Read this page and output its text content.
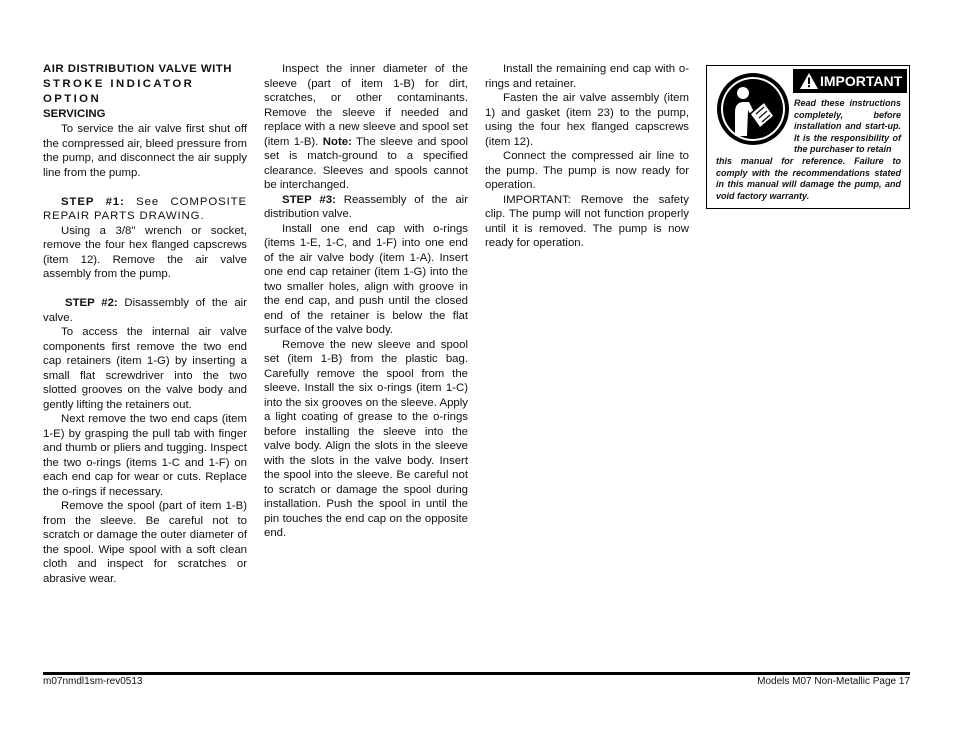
AIR DISTRIBUTION VALVE WITH
STROKE INDICATOR OPTION
SERVICING

To service the air valve first shut off the compressed air, bleed pressure from the pump, and disconnect the air supply line from the pump.

STEP #1: See COMPOSITE REPAIR PARTS DRAWING.

Using a 3/8" wrench or socket, remove the four hex flanged capscrews (item 12). Remove the air valve assembly from the pump.

STEP #2: Disassembly of the air valve.

To access the internal air valve components first remove the two end cap retainers (item 1-G) by inserting a small flat screwdriver into the two slotted grooves on the valve body and gently lifting the retainers out.

Next remove the two end caps (item 1-E) by grasping the pull tab with finger and thumb or pliers and tugging. Inspect the two o-rings (items 1-C and 1-F) on each end cap for wear or cuts. Replace the o-rings if necessary.

Remove the spool (part of item 1-B) from the sleeve. Be careful not to scratch or damage the outer diameter of the spool. Wipe spool with a soft clean cloth and inspect for scratches or abrasive wear.

Inspect the inner diameter of the sleeve (part of item 1-B) for dirt, scratches, or other contaminants. Remove the sleeve if needed and replace with a new sleeve and spool set (item 1-B). Note: The sleeve and spool set is match-ground to a specified clearance. Sleeves and spools cannot be interchanged.

STEP #3: Reassembly of the air distribution valve.

Install one end cap with o-rings (items 1-E, 1-C, and 1-F) into one end of the air valve body (item 1-A). Insert one end cap retainer (item 1-G) into the two smaller holes, align with groove in the end cap, and push until the closed end of the retainer is below the flat surface of the valve body.

Remove the new sleeve and spool set (item 1-B) from the plastic bag. Carefully remove the spool from the sleeve. Install the six o-rings (item 1-C) into the six grooves on the sleeve. Apply a light coating of grease to the o-rings before installing the sleeve into the valve body. Align the slots in the sleeve with the slots in the valve body. Insert the spool into the sleeve. Be careful not to scratch or damage the spool during installation. Push the spool in until the pin touches the end cap on the opposite end.

Install the remaining end cap with o-rings and retainer.

Fasten the air valve assembly (item 1) and gasket (item 23) to the pump, using the four hex flanged capscrews (item 12).

Connect the compressed air line to the pump. The pump is now ready for operation.

IMPORTANT: Remove the safety clip. The pump will not function properly until it is removed. The pump is now ready for operation.

IMPORTANT
Read these instructions completely, before installation and start-up. It is the responsibility of the purchaser to retain
this manual for reference. Failure to comply with the recommendations stated in this manual will damage the pump, and void factory warranty.
m07nmdl1sm-rev0513	Models M07 Non-Metallic Page 17
